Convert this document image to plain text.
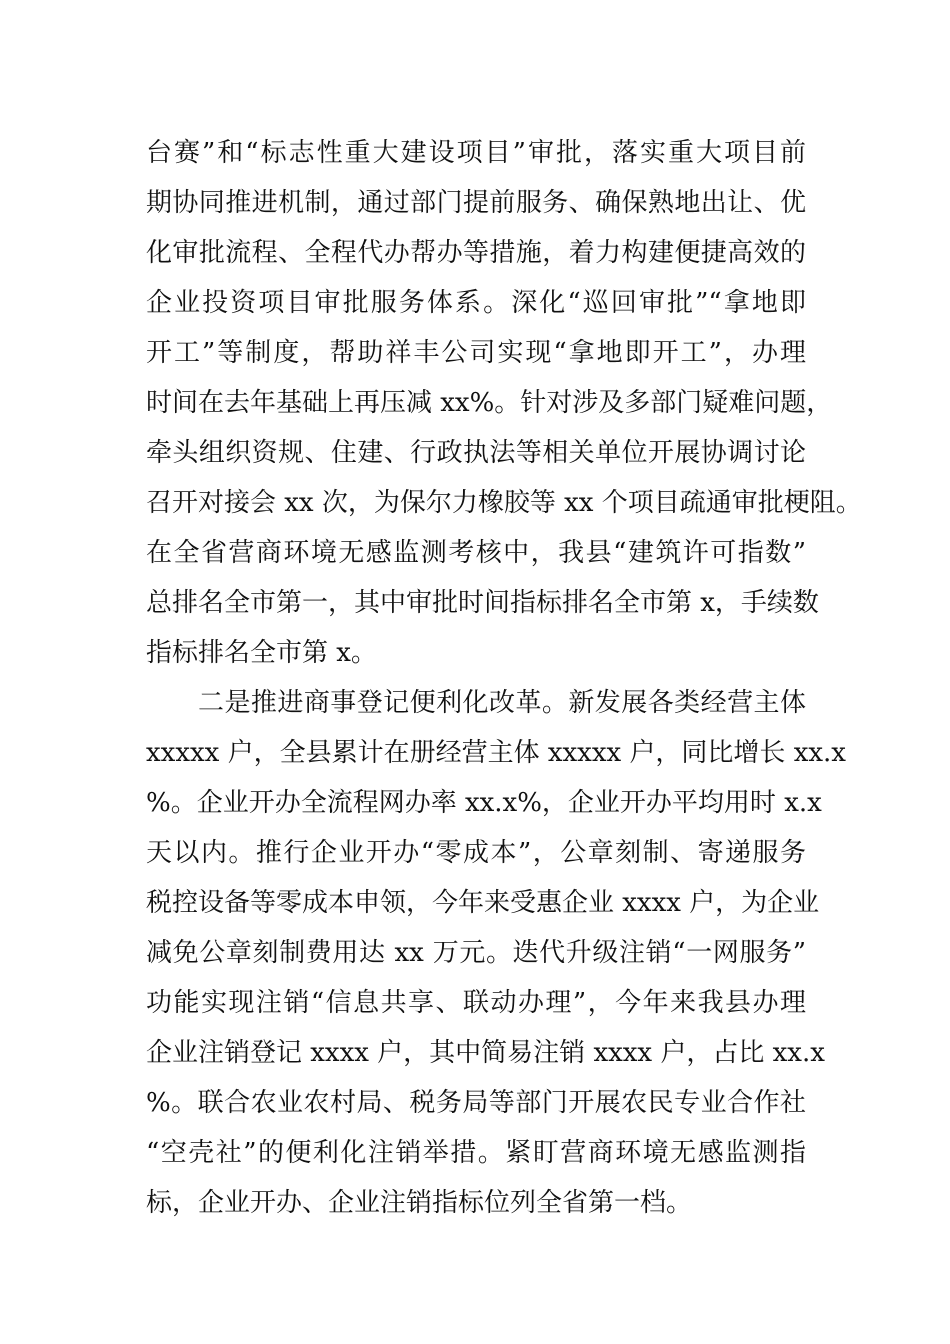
台赛”和“标志性重大建设项目”审批，落实重大项目前
期协同推进机制，通过部门提前服务、确保熟地出让、优
化审批流程、全程代办帮办等措施，着力构建便捷高效的
企业投资项目审批服务体系。深化“巡回审批”“拿地即
开工”等制度，帮助祥丰公司实现“拿地即开工”，办理
时间在去年基础上再压减 xx%。针对涉及多部门疑难问题，
牵头组织资规、住建、行政执法等相关单位开展协调讨论
召开对接会 xx 次，为保尔力橡胶等 xx 个项目疏通审批梗阻。
在全省营商环境无感监测考核中，我县“建筑许可指数”
总排名全市第一，其中审批时间指标排名全市第 x，手续数
指标排名全市第 x。
二是推进商事登记便利化改革。新发展各类经营主体
xxxxx 户，全县累计在册经营主体 xxxxx 户，同比增长 xx.x
%。企业开办全流程网办率 xx.x%，企业开办平均用时 x.x
天以内。推行企业开办“零成本”，公章刻制、寄递服务
税控设备等零成本申领，今年来受惠企业 xxxx 户，为企业
减免公章刻制费用达 xx 万元。迭代升级注销“一网服务”
功能实现注销“信息共享、联动办理”，今年来我县办理
企业注销登记 xxxx 户，其中简易注销 xxxx 户，占比 xx.x
%。联合农业农村局、税务局等部门开展农民专业合作社
“空壳社”的便利化注销举措。紧盯营商环境无感监测指
标，企业开办、企业注销指标位列全省第一档。
